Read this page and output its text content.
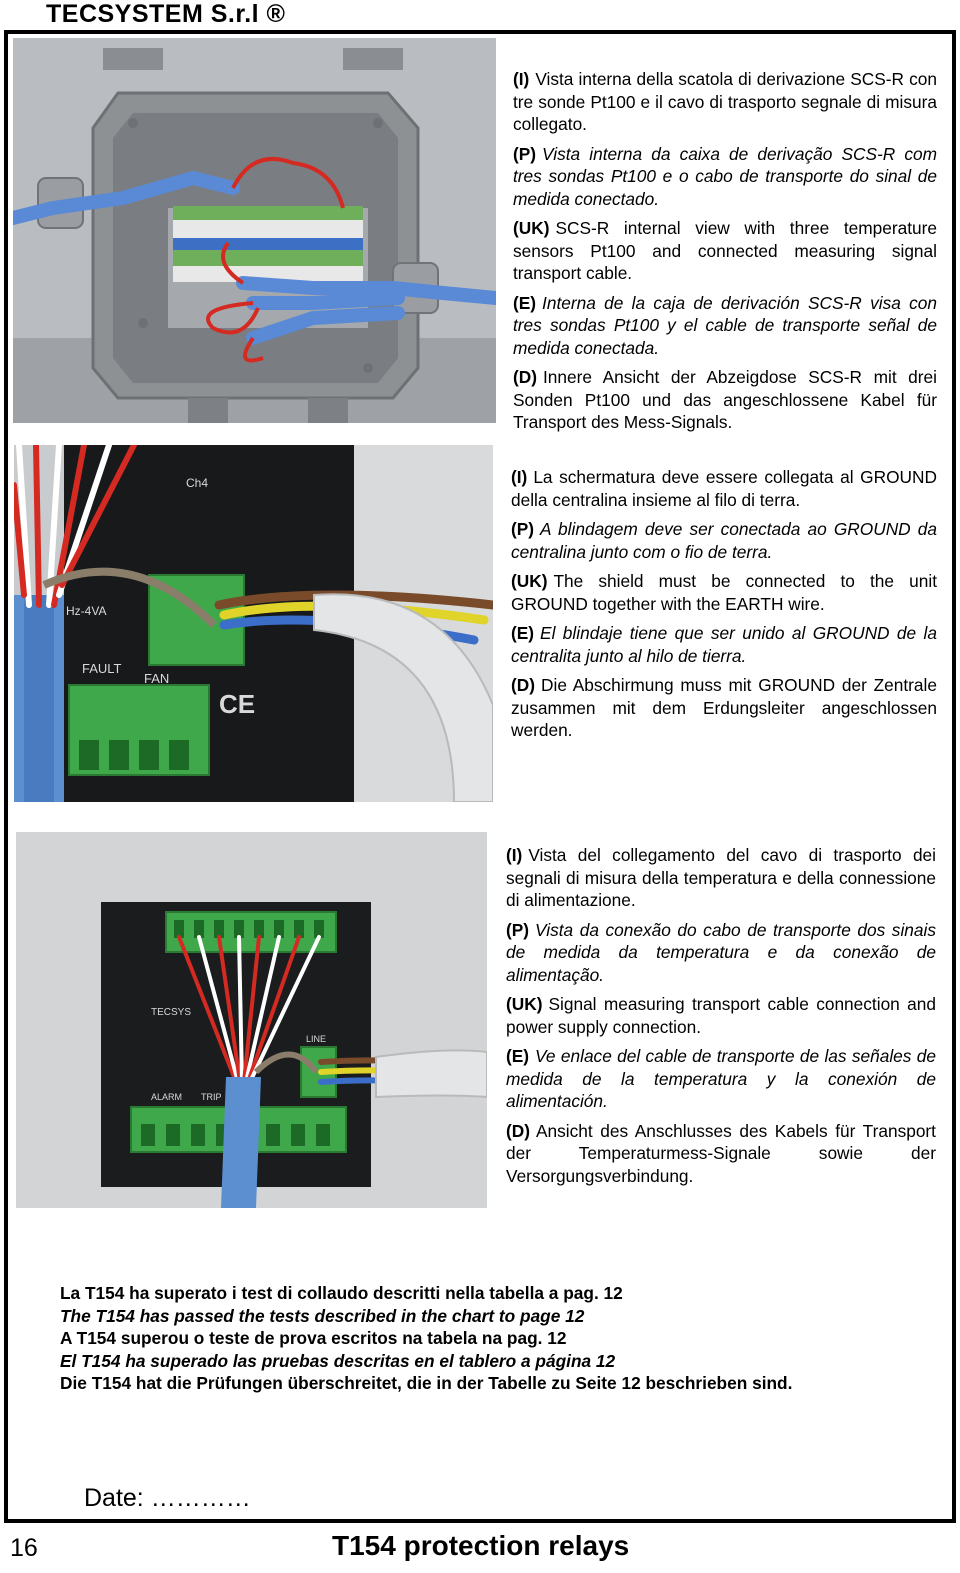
TECSYSTEM S.r.l ®

(I) Vista interna della scatola di derivazione SCS-R con tre sonde Pt100 e il cavo di trasporto segnale di misura collegato.

(P) Vista interna da caixa de derivação SCS-R com tres sondas Pt100 e o cabo de transporte do sinal de medida conectado.

(UK) SCS-R internal view with three temperature sensors Pt100 and connected measuring signal transport cable.

(E) Interna de la caja de derivación SCS-R visa con tres sondas Pt100 y el cable de transporte señal de medida conectada.

(D) Innere Ansicht der Abzeigdose SCS-R mit drei Sonden Pt100 und das angeschlossene Kabel für Transport des Mess-Signals.

Ch4
Hz-4VA
FAULT
FAN
CE

(I) La schermatura deve essere collegata al GROUND della centralina insieme al filo di terra.

(P) A blindagem deve ser conectada ao GROUND da centralina junto com o fio de terra.

(UK) The shield must be connected to the unit GROUND together with the EARTH wire.

(E) El blindaje tiene que ser unido al GROUND de la centralita junto al hilo de tierra.

(D) Die Abschirmung muss mit GROUND der Zentrale zusammen mit dem Erdungsleiter angeschlossen werden.

TECSYS
ALARM TRIP
LINE

(I) Vista del collegamento del cavo di trasporto dei segnali di misura della temperatura e della connessione di alimentazione.

(P) Vista da conexão do cabo de transporte dos sinais de medida da temperatura e da conexão de alimentação.

(UK) Signal measuring transport cable connection and power supply connection.

(E) Ve enlace del cable de transporte de las señales de medida de la temperatura y la conexión de alimentación.

(D) Ansicht des Anschlusses des Kabels für Transport der Temperaturmess-Signale sowie der Versorgungsverbindung.

La T154 ha superato i test di collaudo descritti nella tabella a pag. 12
The T154 has passed the tests described in the chart to page 12
A T154 superou o teste de prova escritos na tabela na pag. 12
El T154 ha superado las pruebas descritas en el tablero a página 12
Die T154 hat die Prüfungen überschreitet, die in der Tabelle zu Seite 12 beschrieben sind.
Date: …………
16	T154 protection relays
